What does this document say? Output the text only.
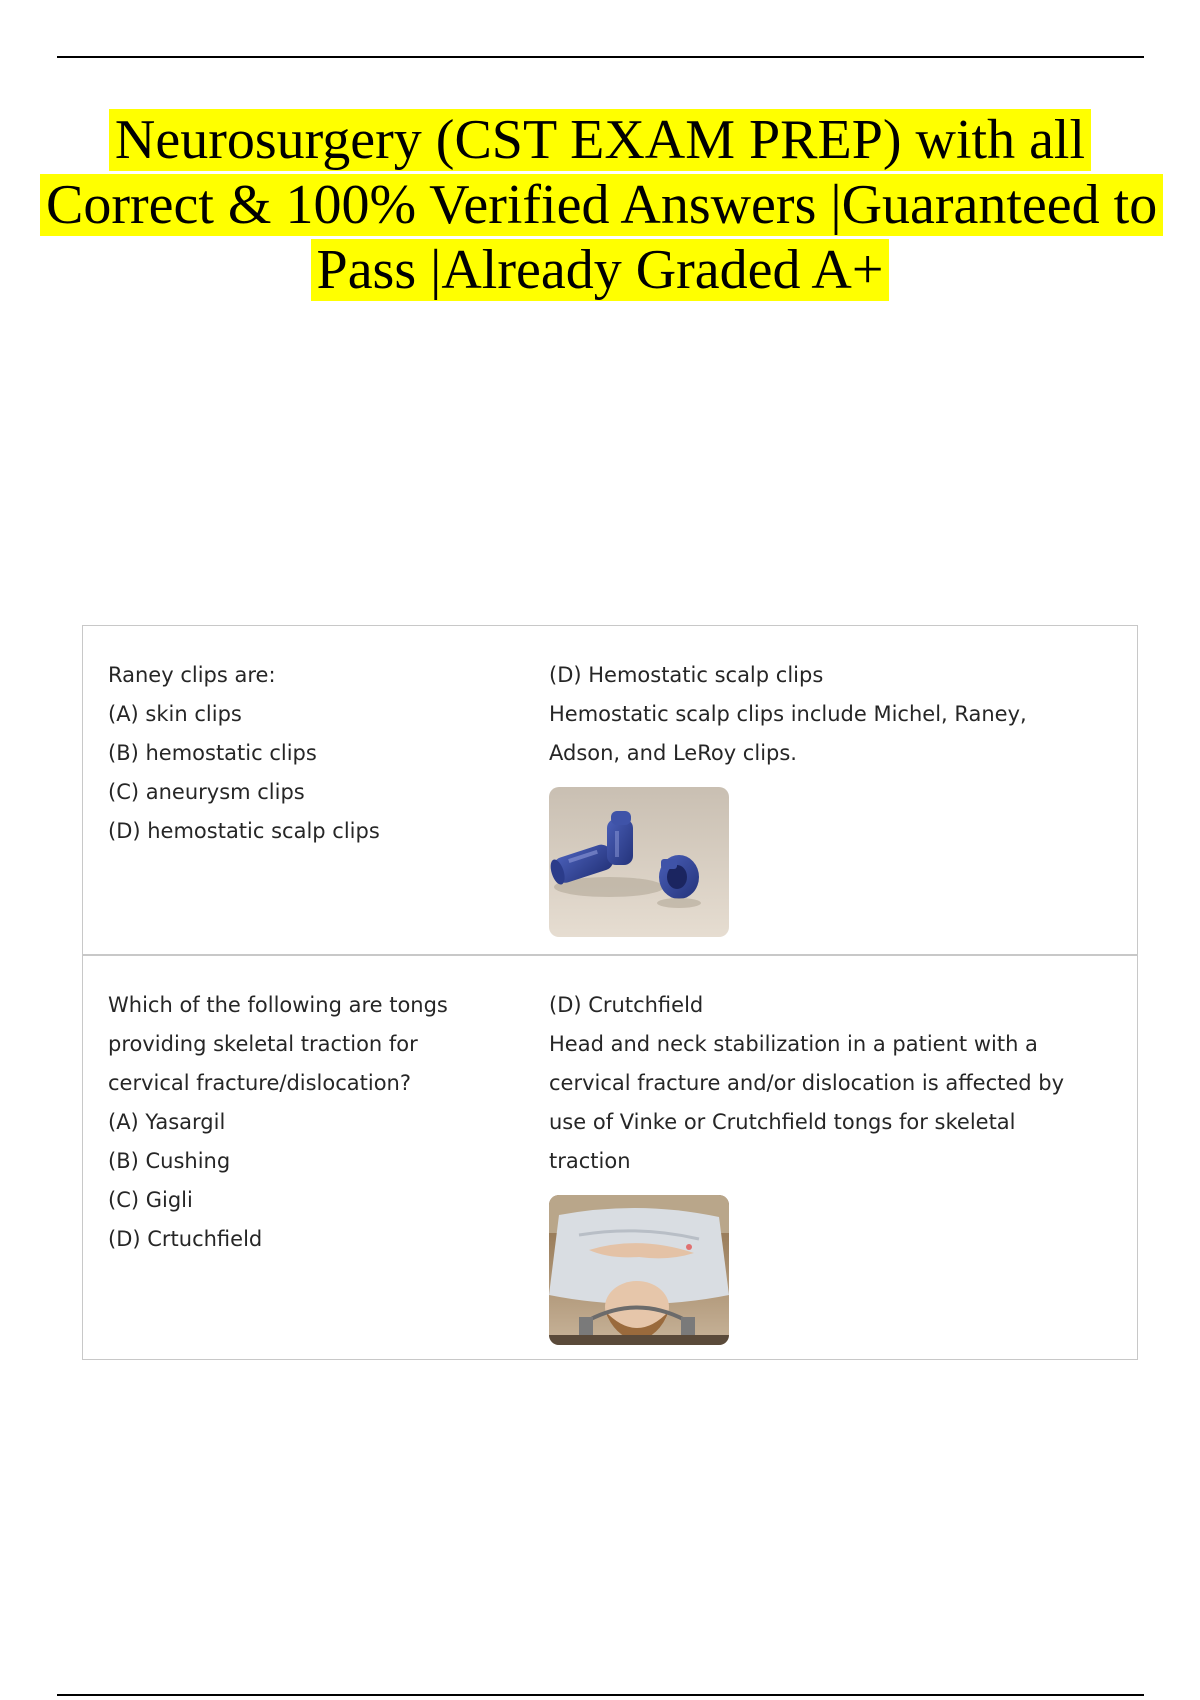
Neurosurgery (CST EXAM PREP) with all Correct & 100% Verified Answers |Guaranteed to Pass |Already Graded A+
Raney clips are:
(A) skin clips
(B) hemostatic clips
(C) aneurysm clips
(D) hemostatic scalp clips
(D) Hemostatic scalp clips
Hemostatic scalp clips include Michel, Raney, Adson, and LeRoy clips.
Which of the following are tongs
providing skeletal traction for
cervical fracture/dislocation?
(A) Yasargil
(B) Cushing
(C) Gigli
(D) Crtuchfield
(D) Crutchfield
Head and neck stabilization in a patient with a cervical fracture and/or dislocation is affected by use of Vinke or Crutchfield tongs for skeletal traction
